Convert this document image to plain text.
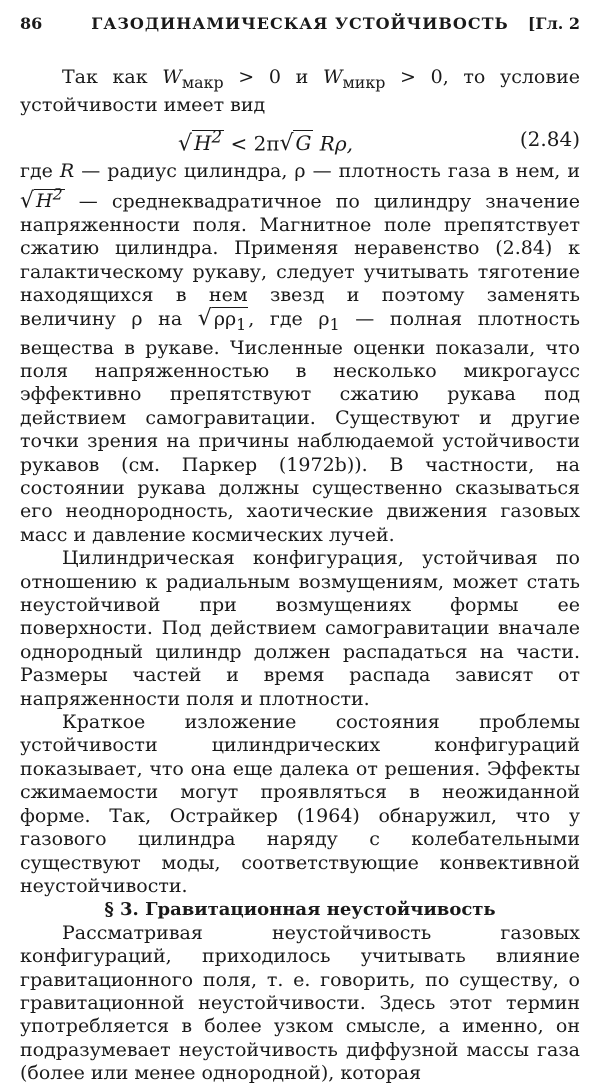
86	ГАЗОДИНАМИЧЕСКАЯ УСТОЙЧИВОСТЬ	[Гл. 2

Так как $W_{макр} > 0$ и $W_{микр} > 0$, то условие устойчивости имеет вид

√ $H^2 < 2\pi√$ G Rρ,	(2.84)

где R — радиус цилиндра, ρ — плотность газа в нем, и √ $H^2$ — среднеквадратичное по цилиндру значение напряженности поля. Магнитное поле препятствует сжатию цилиндра. Применяя неравенство (2.84) к галактическому рукаву, следует учитывать тяготение находящихся в нем звезд и поэтому заменять величину ρ на √ $\rho\rho_1$ , где $\rho_1$ — полная плотность вещества в рукаве. Численные оценки показали, что поля напряженностью в несколько микрогаусс эффективно препятствуют сжатию рукава под действием самогравитации. Существуют и другие точки зрения на причины наблюдаемой устойчивости рукавов (см. Паркер (1972b)). В частности, на состоянии рукава должны существенно сказываться его неоднородность, хаотические движения газовых масс и давление космических лучей.

Цилиндрическая конфигурация, устойчивая по отношению к радиальным возмущениям, может стать неустойчивой при возмущениях формы ее поверхности. Под действием самогравитации вначале однородный цилиндр должен распадаться на части. Размеры частей и время распада зависят от напряженности поля и плотности.

Краткое изложение состояния проблемы устойчивости цилиндрических конфигураций показывает, что она еще далека от решения. Эффекты сжимаемости могут проявляться в неожиданной форме. Так, Острайкер (1964) обнаружил, что у газового цилиндра наряду с колебательными существуют моды, соответствующие конвективной неустойчивости.

§ 3. Гравитационная неустойчивость

Рассматривая неустойчивость газовых конфигураций, приходилось учитывать влияние гравитационного поля, т. е. говорить, по существу, о гравитационной неустойчивости. Здесь этот термин употребляется в более узком смысле, а именно, он подразумевает неустойчивость диффузной массы газа (более или менее однородной), которая
